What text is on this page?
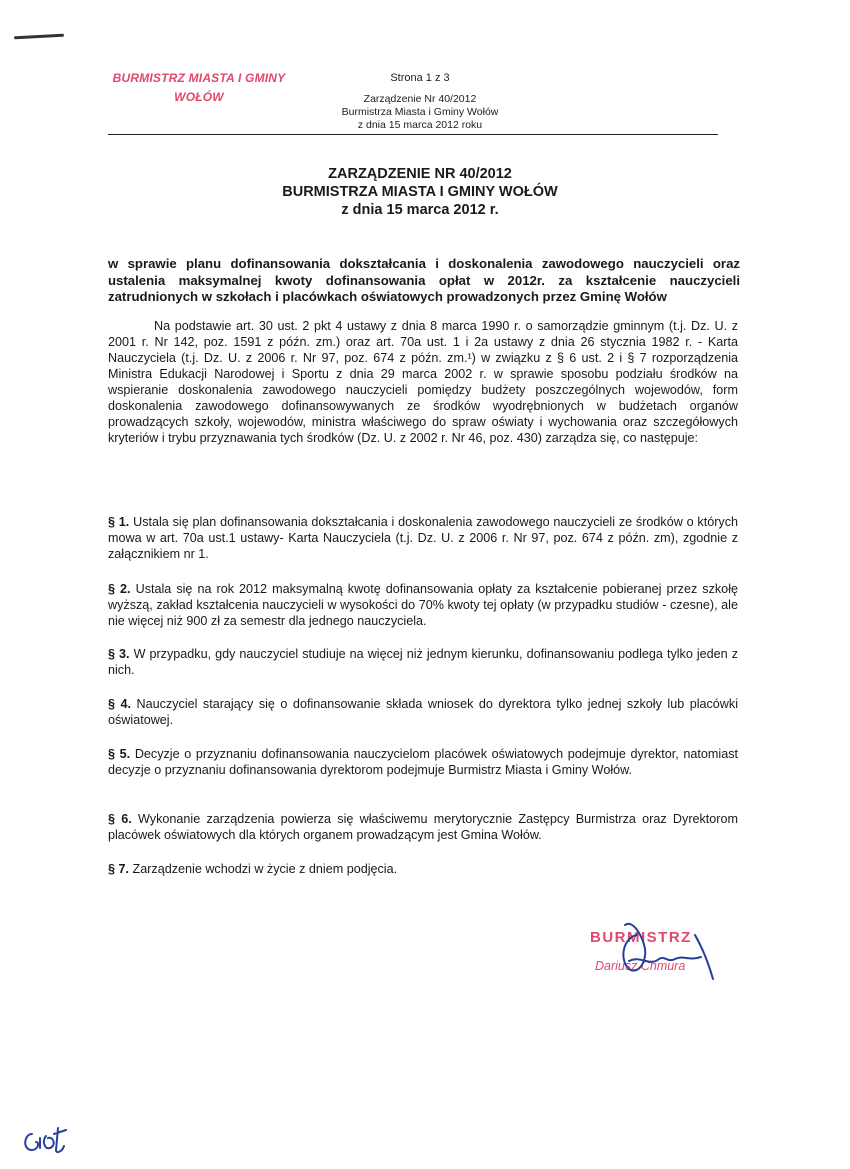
BURMISTRZ MIASTA I GMINY
WOŁÓW
Strona 1 z 3
Zarządzenie Nr 40/2012
Burmistrza Miasta i Gminy Wołów
z dnia 15 marca 2012 roku
ZARZĄDZENIE NR 40/2012
BURMISTRZA MIASTA I GMINY WOŁÓW
z dnia 15 marca 2012 r.
w sprawie planu dofinansowania dokształcania i doskonalenia zawodowego nauczycieli oraz ustalenia maksymalnej kwoty dofinansowania opłat w 2012r. za kształcenie nauczycieli zatrudnionych w szkołach i placówkach oświatowych prowadzonych przez Gminę Wołów
Na podstawie art. 30 ust. 2 pkt 4 ustawy z dnia 8 marca 1990 r. o samorządzie gminnym (t.j. Dz. U. z 2001 r. Nr 142, poz. 1591 z późn. zm.) oraz art. 70a ust. 1 i 2a ustawy z dnia 26 stycznia 1982 r. - Karta Nauczyciela (t.j. Dz. U. z 2006 r. Nr 97, poz. 674 z późn. zm.¹) w związku z § 6 ust. 2 i § 7 rozporządzenia Ministra Edukacji Narodowej i Sportu z dnia 29 marca 2002 r. w sprawie sposobu podziału środków na wspieranie doskonalenia zawodowego nauczycieli pomiędzy budżety poszczególnych wojewodów, form doskonalenia zawodowego dofinansowywanych ze środków wyodrębnionych w budżetach organów prowadzących szkoły, wojewodów, ministra właściwego do spraw oświaty i wychowania oraz szczegółowych kryteriów i trybu przyznawania tych środków (Dz. U. z 2002 r. Nr 46, poz. 430) zarządza się, co następuje:
§ 1. Ustala się plan dofinansowania dokształcania i doskonalenia zawodowego nauczycieli ze środków o których mowa w art. 70a ust.1 ustawy- Karta Nauczyciela (t.j. Dz. U. z 2006 r. Nr 97, poz. 674 z późn. zm), zgodnie z załącznikiem nr 1.
§ 2. Ustala się na rok 2012 maksymalną kwotę dofinansowania opłaty za kształcenie pobieranej przez szkołę wyższą, zakład kształcenia nauczycieli w wysokości do 70% kwoty tej opłaty (w przypadku studiów - czesne), ale nie więcej niż 900 zł za semestr dla jednego nauczyciela.
§ 3. W przypadku, gdy nauczyciel studiuje na więcej niż jednym kierunku, dofinansowaniu podlega tylko jeden z nich.
§ 4. Nauczyciel starający się o dofinansowanie składa wniosek do dyrektora tylko jednej szkoły lub placówki oświatowej.
§ 5. Decyzje o przyznaniu dofinansowania nauczycielom placówek oświatowych podejmuje dyrektor, natomiast decyzje o przyznaniu dofinansowania dyrektorom podejmuje Burmistrz Miasta i Gminy Wołów.
§ 6. Wykonanie zarządzenia powierza się właściwemu merytorycznie Zastępcy Burmistrza oraz Dyrektorom placówek oświatowych dla których organem prowadzącym jest Gmina Wołów.
§ 7. Zarządzenie wchodzi w życie z dniem podjęcia.
BURMISTRZ
Dariusz Chmura
